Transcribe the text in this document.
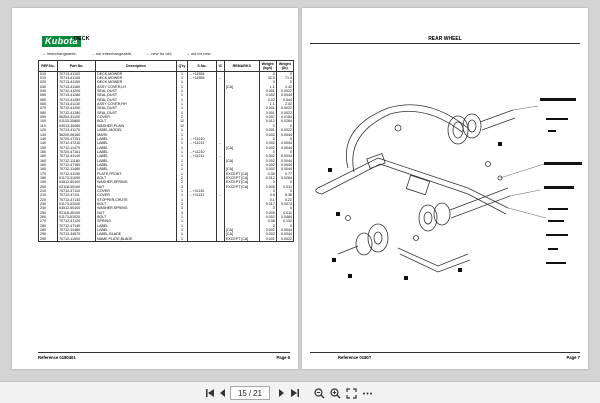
Kubota
DECK
↔ interchangeable;	→ not interchangeable;	← new for old;	→ old for new
REF.No.	Part No.	Description	Q'ty	S.No.	IC	REMARKS	Weight (kg/t)	Weight (lb)
010	70713-41102	DECK,MOWER	1	←+11554			0	0
010	70713-41105	DECK,MOWER	1	←+11555	←		32.5	71.5
020	70713-41150	DECK,MOWER	1				0	0
030	70713-41160	ASSY COVER,LH	1			[CA]	1.1	2.42
040	70712-41200	SEAL,DUST	1				0.001	0.0022
050	70713-41280	SEAL,DUST	1				0.002	0.0044
060	70712-41280	SEAL,DUST	1				0.02	0.044
060	70713-41130	ASSY COVER,RH	1				1.1	2.42
070	70712-41200	SEAL,DUST	1				0.001	0.0022
080	70712-41280	SEAL,DUST	1				0.001	0.0022
090	06204-31100	COVER	2				0.007	0.0154
100	01133-30800	BOLT	12				0.012	0.0264
110	04013-30080	WASHER,PLAIN	12				0	0
120	70713-41170	LABEL,MODEL	1				0.001	0.0022
130	36200-06160	MARK	1				0.002	0.0044
140	70720-47151	LABEL	1	←+11210			0	0
140	70712-47210	LABEL	1	←+11211	←		0.002	0.0044
150	70712-11470	LABEL	1			[CA]	0.002	0.0044
160	70720-47161	LABEL	1	←+11210			0	0
160	70712-41140	LABEL	1	←+11211	←		0.002	0.0044
160	70712-11180	LABEL	1			[CA]	0.002	0.0044
160	70712-47160	LABEL	1				0.002	0.0044
160	70712-11480	LABEL	1			[CA]	0.002	0.0044
170	70712-41190	PLATE,FRONT	1			EXCEPT [CA]	0.35	0.77
180	01173-31090	BOLT	2			EXCEPT [CA]	0.012	0.0264
190	04512-50100	WASHER,SPRING	2			EXCEPT [CA]	0	0
200	02118-30100	NUT	3			EXCEPT [CA]	0.005	0.011
210	70712-47110	COVER	1	←+11130			0	0
210	70712-47111	COVER	1	←+11131	←		3.8	8.36
220	70712-47130	STOPPER,CHUTE	1				0.1	0.22
230	01173-51020	BOLT	3				0.017	0.0374
240	04512-50100	WASHER,SPRING	3				0	0
250	02118-30100	NUT	3				0.005	0.011
260	01173-51020	BOLT	1				0.002	0.0484
270	70712-47120	SPRING	1				0.06	0.132
280	70712-47140	LABEL	1				0	0
280	70712-11480	LABEL	1			[CA]	0.002	0.0044
290	70713-34570	LABEL,BLADE	1			[CA]	0.002	0.0044
290	70712-11500	NAME PLATE,BLADE	1			EXCEPT [CA]	0.001	0.0022
Reference 0180401	Page 6
REAR WHEEL
Reference 0180?	Page 7
15 / 21
